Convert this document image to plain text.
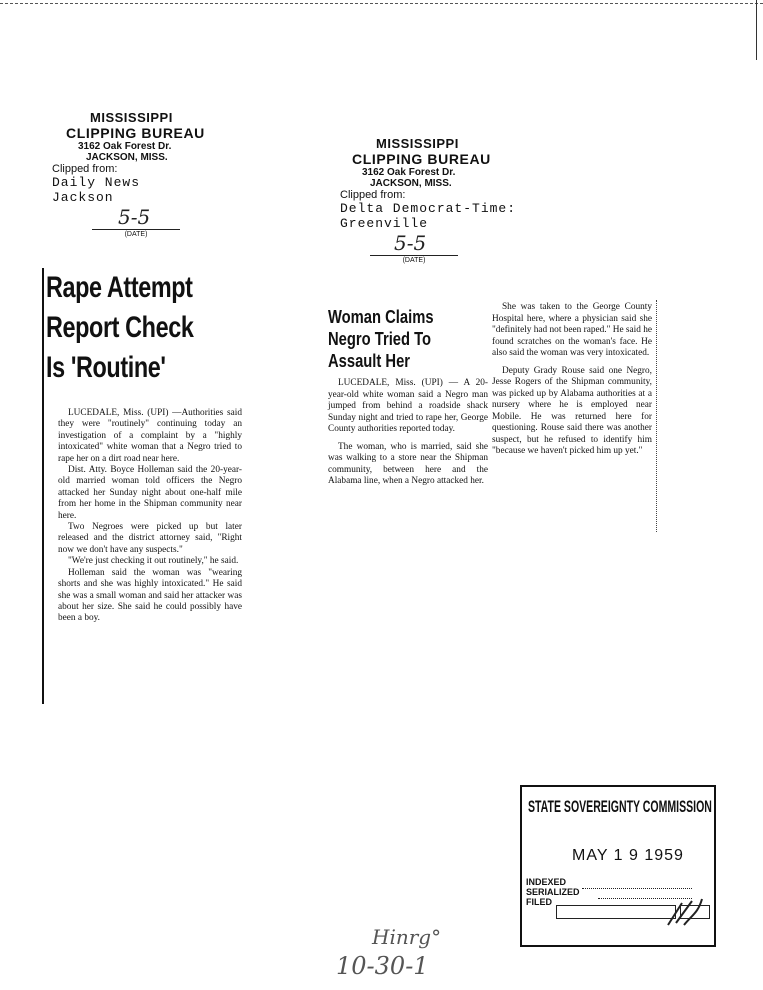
MISSISSIPPI
CLIPPING BUREAU
3162 Oak Forest Dr.
JACKSON, MISS.
Clipped from:
Daily News
Jackson
5-5
(DATE)
MISSISSIPPI
CLIPPING BUREAU
3162 Oak Forest Dr.
JACKSON, MISS.
Clipped from:
Delta Democrat-Time:
Greenville
5-5
(DATE)
Rape Attempt
Report Check
Is 'Routine'

LUCEDALE, Miss. (UPI) —Authorities said they were "routinely" continuing today an investigation of a complaint by a "highly intoxicated" white woman that a Negro tried to rape her on a dirt road near here.

Dist. Atty. Boyce Holleman said the 20-year-old married woman told officers the Negro attacked her Sunday night about one-half mile from her home in the Shipman community near here.

Two Negroes were picked up but later released and the district attorney said, "Right now we don't have any suspects."

"We're just checking it out routinely," he said.

Holleman said the woman was "wearing shorts and she was highly intoxicated." He said she was a small woman and said her attacker was about her size. She said he could possibly have been a boy.

Woman Claims
Negro Tried To
Assault Her

LUCEDALE, Miss. (UPI) — A 20-year-old white woman said a Negro man jumped from behind a roadside shack Sunday night and tried to rape her, George County authorities reported today.

The woman, who is married, said she was walking to a store near the Shipman community, between here and the Alabama line, when a Negro attacked her.

She was taken to the George County Hospital here, where a physician said she "definitely had not been raped." He said he found scratches on the woman's face. He also said the woman was very intoxicated.

Deputy Grady Rouse said one Negro, Jesse Rogers of the Shipman community, was picked up by Alabama authorities at a nursery where he is employed near Mobile. He was returned here for questioning. Rouse said there was another suspect, but he refused to identify him "because we haven't picked him up yet."

STATE SOVEREIGNTY COMMISSION
MAY 1 9 1959
INDEXED
SERIALIZED
FILED
Hinrg°
10-30-1
